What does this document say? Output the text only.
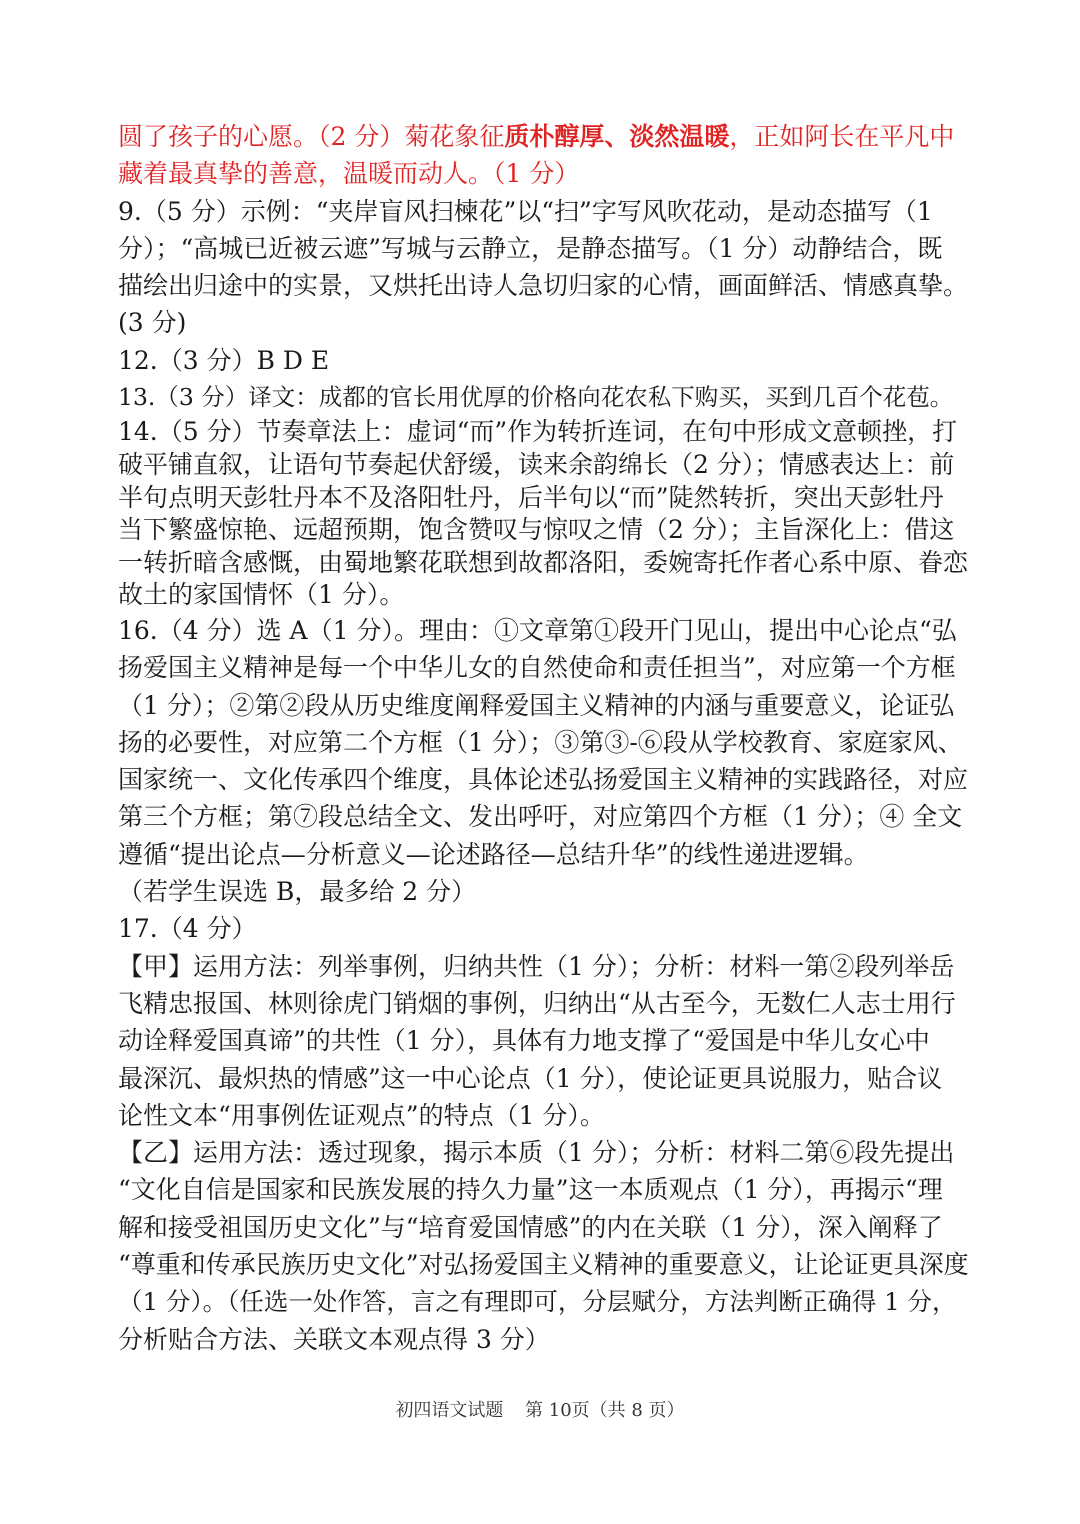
圆了孩子的心愿。（2 分）菊花象征质朴醇厚、淡然温暖，正如阿长在平凡中
藏着最真挚的善意，温暖而动人。（1 分）
9.（5 分）示例：“夹岸盲风扫楝花”以“扫”字写风吹花动，是动态描写（1
分）；“高城已近被云遮”写城与云静立，是静态描写。（1 分）动静结合，既
描绘出归途中的实景，又烘托出诗人急切归家的心情，画面鲜活、情感真挚。
(3 分)
12.（3 分）B D E
13.（3 分）译文：成都的官长用优厚的价格向花农私下购买，买到几百个花苞。
14.（5 分）节奏章法上：虚词“而”作为转折连词，在句中形成文意顿挫，打
破平铺直叙，让语句节奏起伏舒缓，读来余韵绵长（2 分）；情感表达上：前
半句点明天彭牡丹本不及洛阳牡丹，后半句以“而”陡然转折，突出天彭牡丹
当下繁盛惊艳、远超预期，饱含赞叹与惊叹之情（2 分）；主旨深化上：借这
一转折暗含感慨，由蜀地繁花联想到故都洛阳，委婉寄托作者心系中原、眷恋
故土的家国情怀（1 分）。
16.（4 分）选 A（1 分）。理由：①文章第①段开门见山，提出中心论点“弘
扬爱国主义精神是每一个中华儿女的自然使命和责任担当”，对应第一个方框
（1 分）；②第②段从历史维度阐释爱国主义精神的内涵与重要意义，论证弘
扬的必要性，对应第二个方框（1 分）；③第③-⑥段从学校教育、家庭家风、
国家统一、文化传承四个维度，具体论述弘扬爱国主义精神的实践路径，对应
第三个方框；第⑦段总结全文、发出呼吁，对应第四个方框（1 分）；④ 全文
遵循“提出论点—分析意义—论述路径—总结升华”的线性递进逻辑。
（若学生误选 B，最多给 2 分）
17.（4 分）
【甲】运用方法：列举事例，归纳共性（1 分）；分析：材料一第②段列举岳
飞精忠报国、林则徐虎门销烟的事例，归纳出“从古至今，无数仁人志士用行
动诠释爱国真谛”的共性（1 分），具体有力地支撑了“爱国是中华儿女心中
最深沉、最炽热的情感”这一中心论点（1 分），使论证更具说服力，贴合议
论性文本“用事例佐证观点”的特点（1 分）。
【乙】运用方法：透过现象，揭示本质（1 分）；分析：材料二第⑥段先提出
“文化自信是国家和民族发展的持久力量”这一本质观点（1 分），再揭示“理
解和接受祖国历史文化”与“培育爱国情感”的内在关联（1 分），深入阐释了
“尊重和传承民族历史文化”对弘扬爱国主义精神的重要意义，让论证更具深度
（1 分）。（任选一处作答，言之有理即可，分层赋分，方法判断正确得 1 分，
分析贴合方法、关联文本观点得 3 分）
初四语文试题 第 10页（共 8 页）
